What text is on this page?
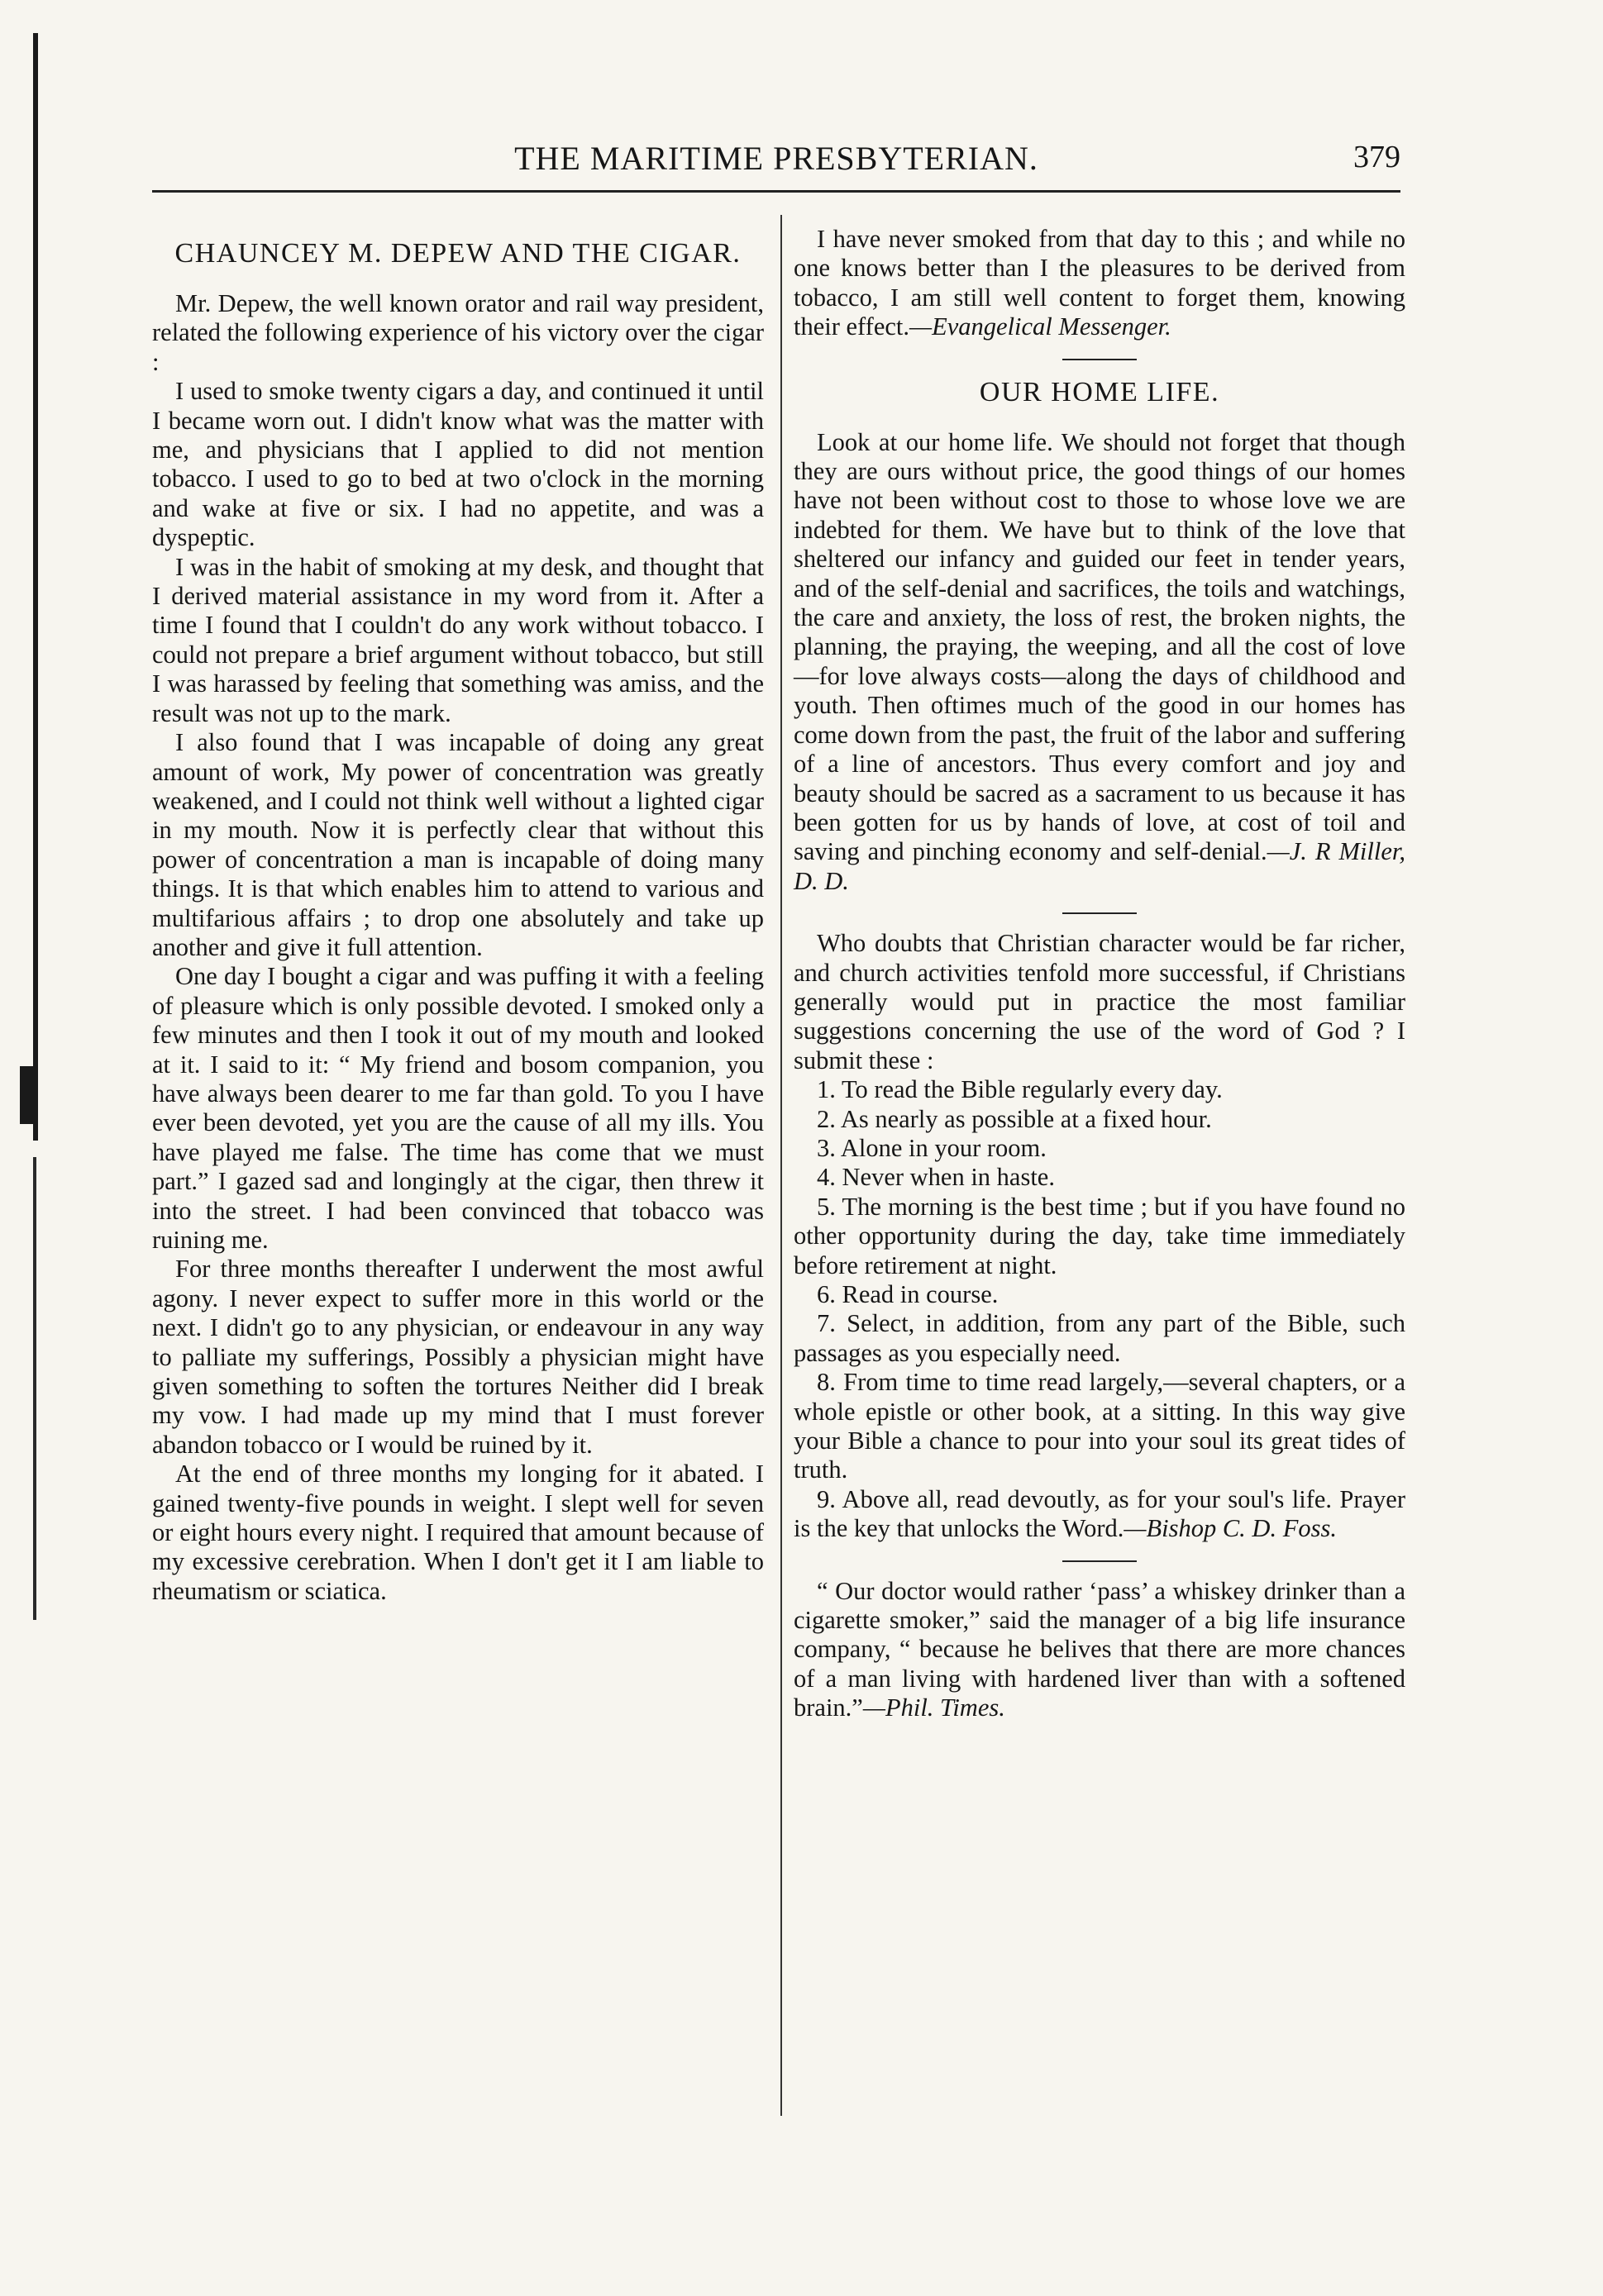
THE MARITIME PRESBYTERIAN.	379
CHAUNCEY M. DEPEW AND THE CIGAR.

Mr. Depew, the well known orator and rail way president, related the following experience of his victory over the cigar :

I used to smoke twenty cigars a day, and continued it until I became worn out. I didn't know what was the matter with me, and physicians that I applied to did not mention tobacco. I used to go to bed at two o'clock in the morning and wake at five or six. I had no appetite, and was a dyspeptic.

I was in the habit of smoking at my desk, and thought that I derived material assistance in my word from it. After a time I found that I couldn't do any work without tobacco. I could not prepare a brief argument without tobacco, but still I was harassed by feeling that something was amiss, and the result was not up to the mark.

I also found that I was incapable of doing any great amount of work, My power of concentration was greatly weakened, and I could not think well without a lighted cigar in my mouth. Now it is perfectly clear that without this power of concentration a man is incapable of doing many things. It is that which enables him to attend to various and multifarious affairs ; to drop one absolutely and take up another and give it full attention.

One day I bought a cigar and was puffing it with a feeling of pleasure which is only possible devoted. I smoked only a few minutes and then I took it out of my mouth and looked at it. I said to it: “ My friend and bosom companion, you have always been dearer to me far than gold. To you I have ever been devoted, yet you are the cause of all my ills. You have played me false. The time has come that we must part.” I gazed sad and longingly at the cigar, then threw it into the street. I had been convinced that tobacco was ruining me.

For three months thereafter I underwent the most awful agony. I never expect to suffer more in this world or the next. I didn't go to any physician, or endeavour in any way to palliate my sufferings, Possibly a physician might have given something to soften the tortures Neither did I break my vow. I had made up my mind that I must forever abandon tobacco or I would be ruined by it.

At the end of three months my longing for it abated. I gained twenty-five pounds in weight. I slept well for seven or eight hours every night. I required that amount because of my excessive cerebration. When I don't get it I am liable to rheumatism or sciatica.

I have never smoked from that day to this ; and while no one knows better than I the pleasures to be derived from tobacco, I am still well content to forget them, knowing their effect.—Evangelical Messenger.

OUR HOME LIFE.

Look at our home life. We should not forget that though they are ours without price, the good things of our homes have not been without cost to those to whose love we are indebted for them. We have but to think of the love that sheltered our infancy and guided our feet in tender years, and of the self-denial and sacrifices, the toils and watchings, the care and anxiety, the loss of rest, the broken nights, the planning, the praying, the weeping, and all the cost of love—for love always costs—along the days of childhood and youth. Then oftimes much of the good in our homes has come down from the past, the fruit of the labor and suffering of a line of ancestors. Thus every comfort and joy and beauty should be sacred as a sacrament to us because it has been gotten for us by hands of love, at cost of toil and saving and pinching economy and self-denial.—J. R Miller, D. D.

Who doubts that Christian character would be far richer, and church activities tenfold more successful, if Christians generally would put in practice the most familiar suggestions concerning the use of the word of God ? I submit these :

1. To read the Bible regularly every day.

2. As nearly as possible at a fixed hour.

3. Alone in your room.

4. Never when in haste.

5. The morning is the best time ; but if you have found no other opportunity during the day, take time immediately before retirement at night.

6. Read in course.

7. Select, in addition, from any part of the Bible, such passages as you especially need.

8. From time to time read largely,—several chapters, or a whole epistle or other book, at a sitting. In this way give your Bible a chance to pour into your soul its great tides of truth.

9. Above all, read devoutly, as for your soul's life. Prayer is the key that unlocks the Word.—Bishop C. D. Foss.

“ Our doctor would rather ‘pass’ a whiskey drinker than a cigarette smoker,” said the manager of a big life insurance company, “ because he belives that there are more chances of a man living with hardened liver than with a softened brain.”—Phil. Times.
